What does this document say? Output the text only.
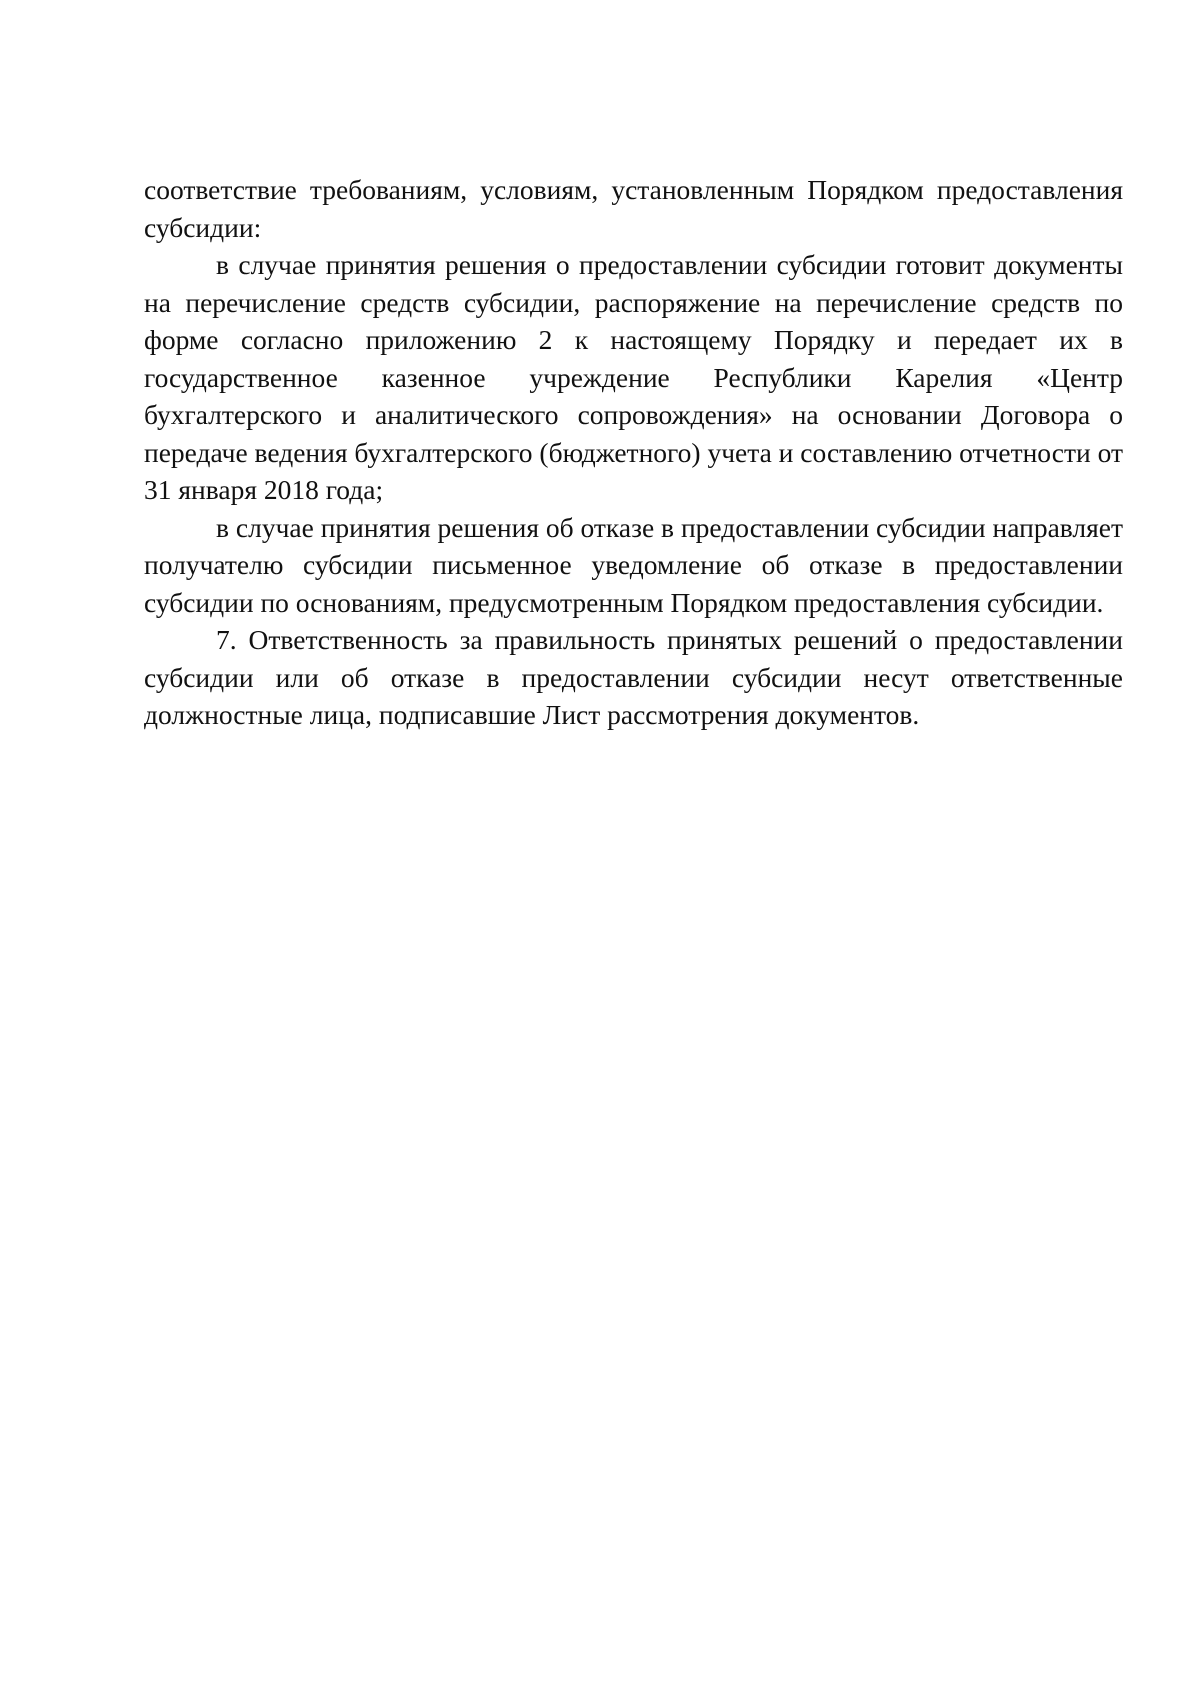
соответствие требованиям, условиям, установленным Порядком предоставления субсидии:

в случае принятия решения о предоставлении субсидии готовит документы на перечисление средств субсидии, распоряжение на перечисление средств по форме согласно приложению 2 к настоящему Порядку и передает их в государственное казенное учреждение Республики Карелия «Центр бухгалтерского и аналитического сопровождения» на основании Договора о передаче ведения бухгалтерского (бюджетного) учета и составлению отчетности от 31 января 2018 года;

в случае принятия решения об отказе в предоставлении субсидии направляет получателю субсидии письменное уведомление об отказе в предоставлении субсидии по основаниям, предусмотренным Порядком предоставления субсидии.

7. Ответственность за правильность принятых решений о предоставлении субсидии или об отказе в предоставлении субсидии несут ответственные должностные лица, подписавшие Лист рассмотрения документов.
